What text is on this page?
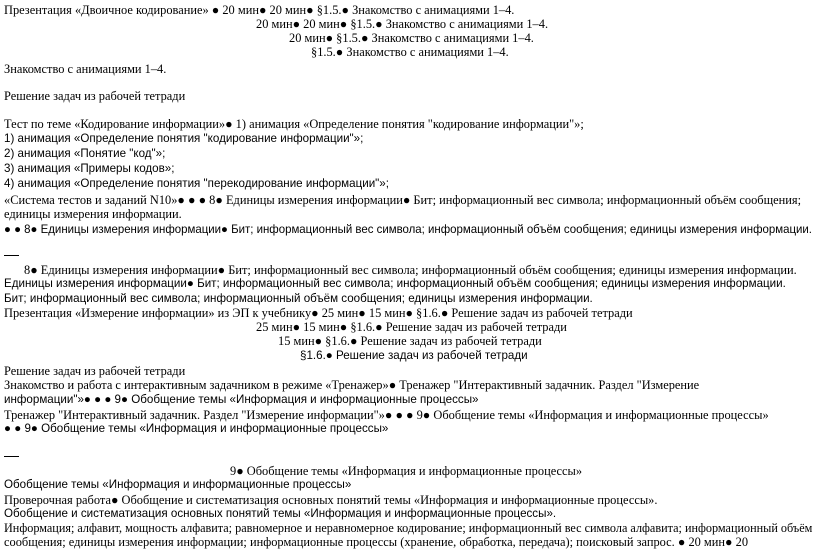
Презентация «Двоичное кодирование» ● 20 мин● 20 мин● §1.5.● Знакомство с анимациями 1–4.
20 мин● 20 мин● §1.5.● Знакомство с анимациями 1–4.
20 мин● §1.5.● Знакомство с анимациями 1–4.
§1.5.● Знакомство с анимациями 1–4.
Знакомство с анимациями 1–4.
Решение задач из рабочей тетради
Тест по теме «Кодирование информации»● 1) анимация «Определение понятия "кодирование информации"»;
1) анимация «Определение понятия "кодирование информации"»;
2) анимация «Понятие "код"»;
3) анимация «Примеры кодов»;
4) анимация «Определение понятия "перекодирование информации"»;
«Система тестов и заданий N10»● ● ● 8● Единицы измерения информации● Бит; информационный вес символа; информационный объём сообщения;
единицы измерения информации.
● ● 8● Единицы измерения информации● Бит; информационный вес символа; информационный объём сообщения; единицы измерения информации.
8● Единицы измерения информации● Бит; информационный вес символа; информационный объём сообщения; единицы измерения информации.
Единицы измерения информации● Бит; информационный вес символа; информационный объём сообщения; единицы измерения информации.
Бит; информационный вес символа; информационный объём сообщения; единицы измерения информации.
Презентация «Измерение информации» из ЭП к учебнику● 25 мин● 15 мин● §1.6.● Решение задач из рабочей тетради
25 мин● 15 мин● §1.6.● Решение задач из рабочей тетради
15 мин● §1.6.● Решение задач из рабочей тетради
§1.6.● Решение задач из рабочей тетради
Решение задач из рабочей тетради
Знакомство и работа с интерактивным задачником в режиме «Тренажер»● Тренажер "Интерактивный задачник. Раздел "Измерение
информации"»● ● ● 9● Обобщение темы «Информация и информационные процессы»
Тренажер "Интерактивный задачник. Раздел "Измерение информации"»● ● ● 9● Обобщение темы «Информация и информационные процессы»
● ● 9● Обобщение темы «Информация и информационные процессы»
9● Обобщение темы «Информация и информационные процессы»
Обобщение темы «Информация и информационные процессы»
Проверочная работа● Обобщение и систематизация основных понятий темы «Информация и информационные процессы».
Обобщение и систематизация основных понятий темы «Информация и информационные процессы».
Информация; алфавит, мощность алфавита; равномерное и неравномерное кодирование; информационный вес символа алфавита; информационный объём
сообщения; единицы измерения информации; информационные процессы (хранение, обработка, передача); поисковый запрос. ● 20 мин● 20
